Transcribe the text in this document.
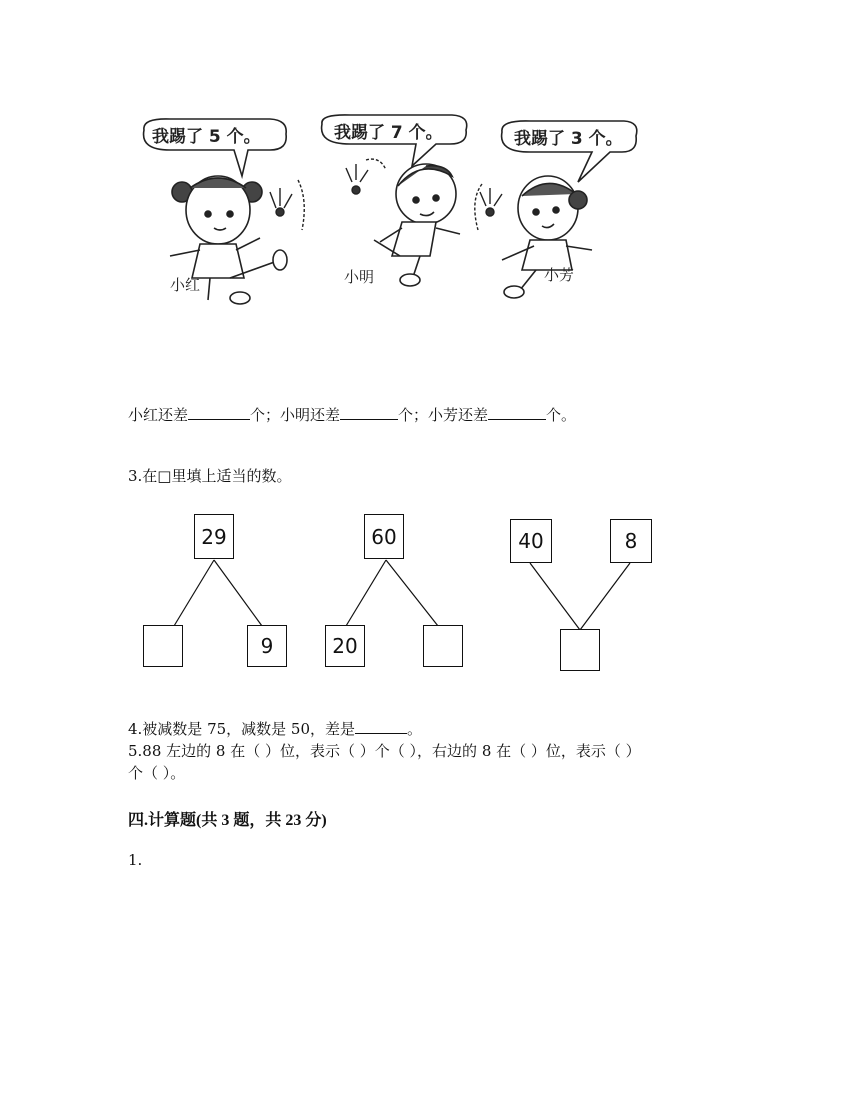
我踢了 5 个。	我踢了 7 个。	我踢了 3 个。
小红	小明	小芳
小红还差	个；小明还差	个；小芳还差	个。
3.在□里填上适当的数。
29
9
60
20
40	8
4.被减数是 75，减数是 50，差是	。
5.88 左边的 8 在（ ）位，表示（ ）个（ ），右边的 8 在（ ）位，表示（ ）
个（ ）。
四.计算题(共 3 题，共 23 分)
1.
